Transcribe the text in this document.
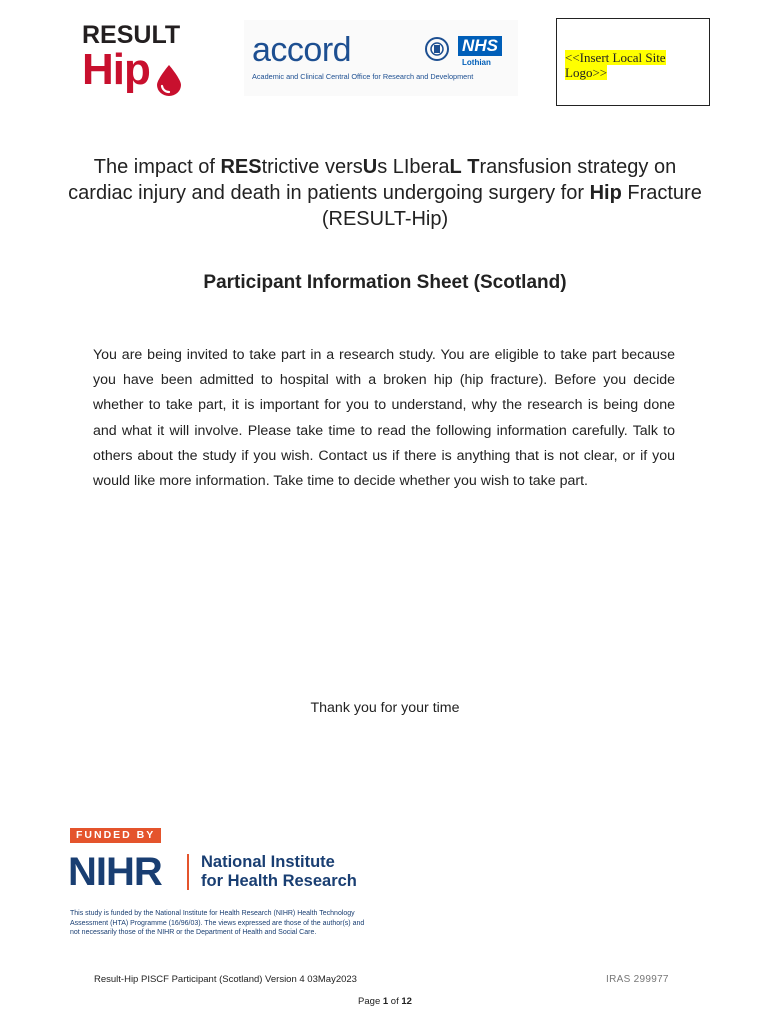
RESULT
Hip	accord
Academic and Clinical Central Office for Research and Development
NHS
Lothian	<<Insert Local Site Logo>>
The impact of REStrictive versUs LIberaL Transfusion strategy on cardiac injury and death in patients undergoing surgery for Hip Fracture (RESULT-Hip)
Participant Information Sheet (Scotland)
You are being invited to take part in a research study. You are eligible to take part because you have been admitted to hospital with a broken hip (hip fracture). Before you decide whether to take part, it is important for you to understand, why the research is being done and what it will involve. Please take time to read the following information carefully. Talk to others about the study if you wish. Contact us if there is anything that is not clear, or if you would like more information. Take time to decide whether you wish to take part.
Thank you for your time
FUNDED BY
NIHR National Institute
for Health Research
This study is funded by the National Institute for Health Research (NIHR) Health Technology Assessment (HTA) Programme (16/96/03). The views expressed are those of the author(s) and not necessarily those of the NIHR or the Department of Health and Social Care.
Result-Hip PISCF Participant (Scotland) Version 4 03May2023	IRAS 299977
Page 1 of 12
